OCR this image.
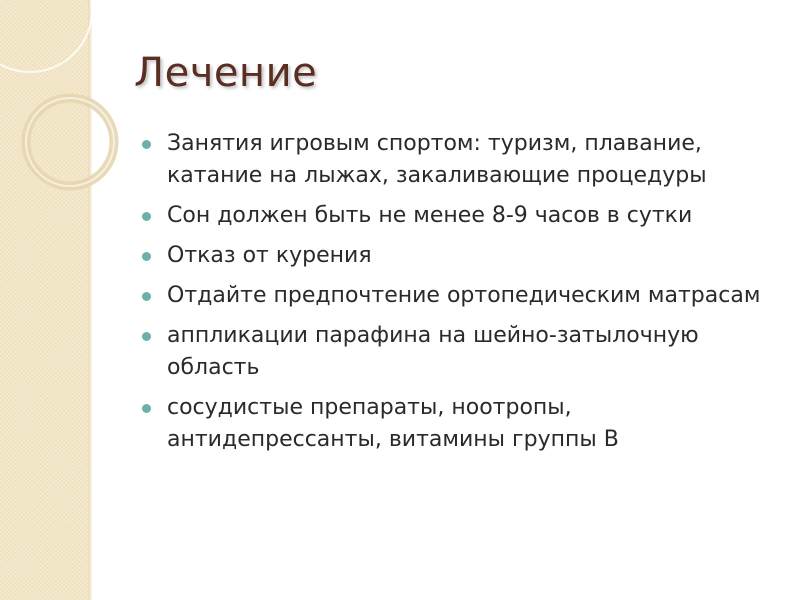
Лечение
Занятия игровым спортом: туризм, плавание, катание на лыжах, закаливающие процедуры
Сон должен быть не менее 8-9 часов в сутки
Отказ от курения
Отдайте предпочтение ортопедическим матрасам
аппликации парафина на шейно-затылочную область
сосудистые препараты, ноотропы, антидепрессанты, витамины группы В
